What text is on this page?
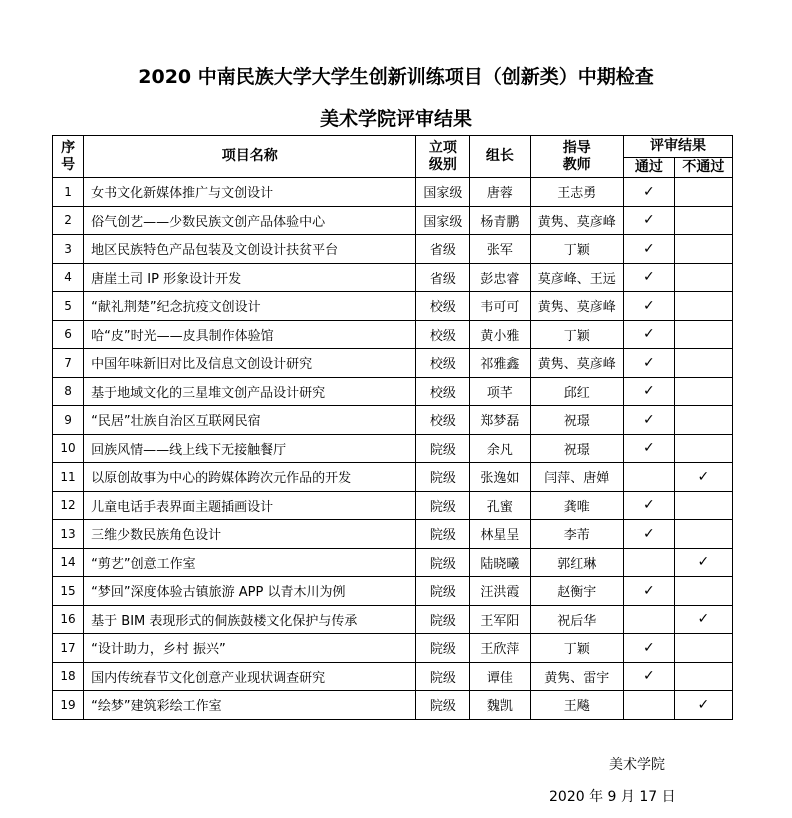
2020 中南民族大学大学生创新训练项目（创新类）中期检查
美术学院评审结果
序号	项目名称	立项级别	组长	指导教师	评审结果	
					通过	不通过
1	女书文化新媒体推广与文创设计	国家级	唐蓉	王志勇	✓	
2	俗气创艺——少数民族文创产品体验中心	国家级	杨青鹏	黄隽、莫彦峰	✓	
3	地区民族特色产品包装及文创设计扶贫平台	省级	张军	丁颖	✓	
4	唐崖土司 IP 形象设计开发	省级	彭忠睿	莫彦峰、王远	✓	
5	“献礼荆楚”纪念抗疫文创设计	校级	韦可可	黄隽、莫彦峰	✓	
6	哈“皮”时光——皮具制作体验馆	校级	黄小雅	丁颖	✓	
7	中国年味新旧对比及信息文创设计研究	校级	祁雅鑫	黄隽、莫彦峰	✓	
8	基于地域文化的三星堆文创产品设计研究	校级	项芊	邱红	✓	
9	“民居”壮族自治区互联网民宿	校级	郑梦磊	祝璟	✓	
10	回族风情——线上线下无接触餐厅	院级	余凡	祝璟	✓	
11	以原创故事为中心的跨媒体跨次元作品的开发	院级	张逸如	闫萍、唐婵		✓
12	儿童电话手表界面主题插画设计	院级	孔蜜	龚唯	✓	
13	三维少数民族角色设计	院级	林星呈	李芾	✓	
14	“剪艺”创意工作室	院级	陆晓曦	郭红琳		✓
15	“梦回”深度体验古镇旅游 APP 以青木川为例	院级	汪洪霞	赵衡宇	✓	
16	基于 BIM 表现形式的侗族鼓楼文化保护与传承	院级	王军阳	祝后华		✓
17	“设计助力，乡村 振兴”	院级	王欣萍	丁颖	✓	
18	国内传统春节文化创意产业现状调查研究	院级	谭佳	黄隽、雷宇	✓	
19	“绘梦”建筑彩绘工作室	院级	魏凯	王飚		✓
美术学院
2020 年 9 月 17 日
